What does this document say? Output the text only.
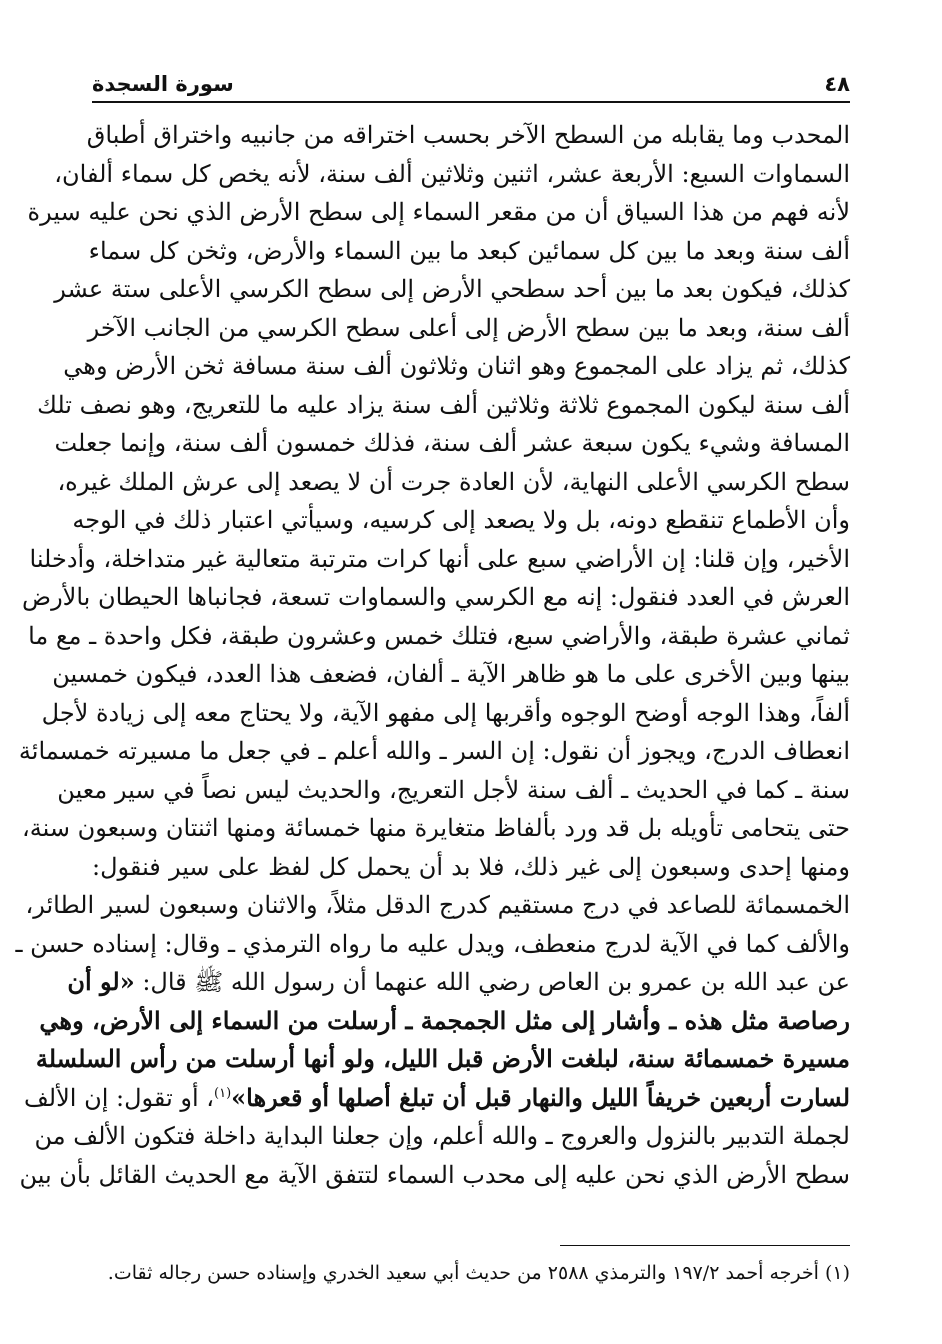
٤٨
سورة السجدة
المحدب وما يقابله من السطح الآخر بحسب اختراقه من جانبيه واختراق أطباق
السماوات السبع: الأربعة عشر، اثنين وثلاثين ألف سنة، لأنه يخص كل سماء ألفان،
لأنه فهم من هذا السياق أن من مقعر السماء إلى سطح الأرض الذي نحن عليه سيرة
ألف سنة وبعد ما بين كل سمائين كبعد ما بين السماء والأرض، وثخن كل سماء
كذلك، فيكون بعد ما بين أحد سطحي الأرض إلى سطح الكرسي الأعلى ستة عشر
ألف سنة، وبعد ما بين سطح الأرض إلى أعلى سطح الكرسي من الجانب الآخر
كذلك، ثم يزاد على المجموع وهو اثنان وثلاثون ألف سنة مسافة ثخن الأرض وهي
ألف سنة ليكون المجموع ثلاثة وثلاثين ألف سنة يزاد عليه ما للتعريج، وهو نصف تلك
المسافة وشيء يكون سبعة عشر ألف سنة، فذلك خمسون ألف سنة، وإنما جعلت
سطح الكرسي الأعلى النهاية، لأن العادة جرت أن لا يصعد إلى عرش الملك غيره،
وأن الأطماع تنقطع دونه، بل ولا يصعد إلى كرسيه، وسيأتي اعتبار ذلك في الوجه
الأخير، وإن قلنا: إن الأراضي سبع على أنها كرات مترتبة متعالية غير متداخلة، وأدخلنا
العرش في العدد فنقول: إنه مع الكرسي والسماوات تسعة، فجانباها الحيطان بالأرض
ثماني عشرة طبقة، والأراضي سبع، فتلك خمس وعشرون طبقة، فكل واحدة ـ مع ما
بينها وبين الأخرى على ما هو ظاهر الآية ـ ألفان، فضعف هذا العدد، فيكون خمسين
ألفاً، وهذا الوجه أوضح الوجوه وأقربها إلى مفهو الآية، ولا يحتاج معه إلى زيادة لأجل
انعطاف الدرج، ويجوز أن نقول: إن السر ـ والله أعلم ـ في جعل ما مسيرته خمسمائة
سنة ـ كما في الحديث ـ ألف سنة لأجل التعريج، والحديث ليس نصاً في سير معين
حتى يتحامى تأويله بل قد ورد بألفاظ متغايرة منها خمسائة ومنها اثنتان وسبعون سنة،
ومنها إحدى وسبعون إلى غير ذلك، فلا بد أن يحمل كل لفظ على سير فنقول:
الخمسمائة للصاعد في درج مستقيم كدرج الدقل مثلاً، والاثنان وسبعون لسير الطائر،
والألف كما في الآية لدرج منعطف، ويدل عليه ما رواه الترمذي ـ وقال: إسناده حسن ـ
عن عبد الله بن عمرو بن العاص رضي الله عنهما أن رسول الله ﷺ قال: «لو أن
رصاصة مثل هذه ـ وأشار إلى مثل الجمجمة ـ أرسلت من السماء إلى الأرض، وهي
مسيرة خمسمائة سنة، لبلغت الأرض قبل الليل، ولو أنها أرسلت من رأس السلسلة
لسارت أربعين خريفاً الليل والنهار قبل أن تبلغ أصلها أو قعرها»$^{(١)}$، أو تقول: إن الألف
لجملة التدبير بالنزول والعروج ـ والله أعلم، وإن جعلنا البداية داخلة فتكون الألف من
سطح الأرض الذي نحن عليه إلى محدب السماء لتتفق الآية مع الحديث القائل بأن بين
(١) أخرجه أحمد ١٩٧/٢ والترمذي ٢٥٨٨ من حديث أبي سعيد الخدري وإسناده حسن رجاله ثقات.
